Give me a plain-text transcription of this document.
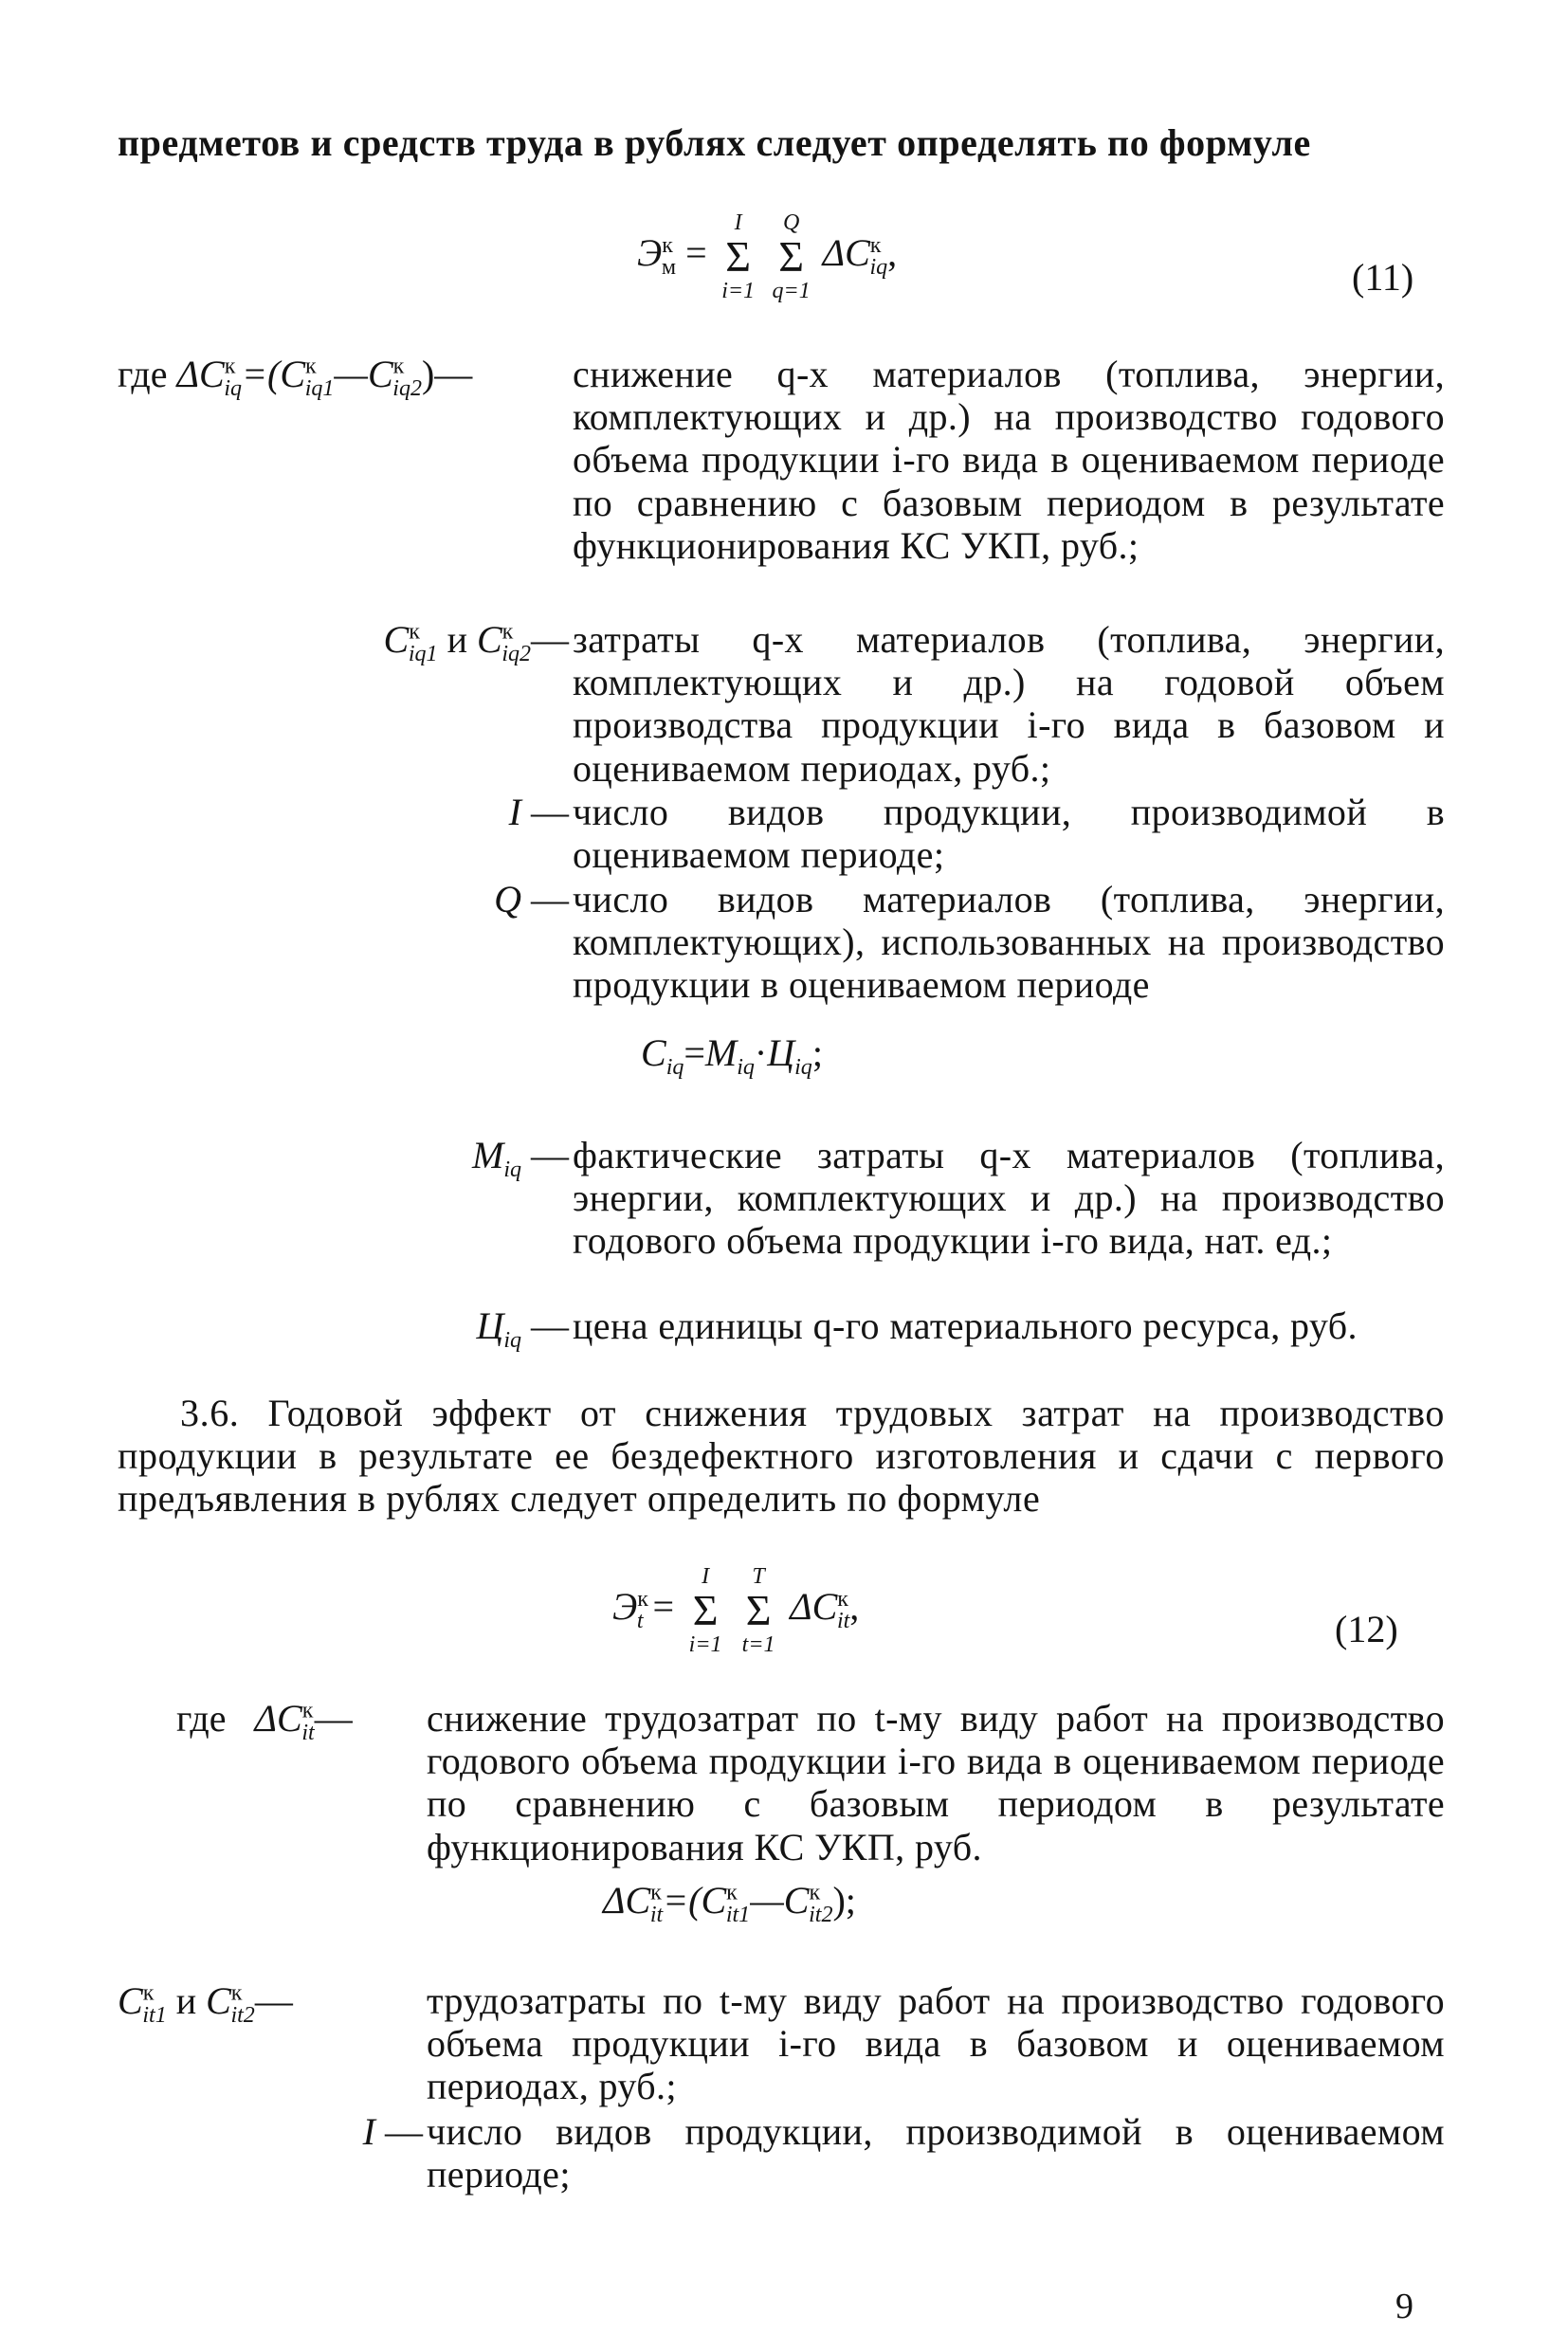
предметов и средств труда в рублях следует определять по формуле
$Э^к_м$ =
I
Σ
i=1

Q
Σ
q=1
$\Delta C^к_{iq}$,
(11)
где $\Delta C^к_{iq}=(C^к_{iq1}—C^к_{iq2})—$	снижение q-х материалов (топлива, энергии, комплектующих и др.) на производство годового объема продукции i-го вида в оцениваемом периоде по сравнению с базовым периодом в результате функционирования КС УКП, руб.;
$C^к_{iq1}$ и $C^к_{iq2}—$ затраты q-х материалов (топлива, энергии, комплектующих и др.) на годовой объем производства продукции i-го вида в базовом и оцениваемом периодах, руб.;
I — число видов продукции, производимой в оцениваемом периоде;
Q — число видов материалов (топлива, энергии, комплектующих), использованных на производство продукции в оцениваемом периоде
$C_{iq}=M_{iq}\cdot Ц_{iq}$;
$M_{iq}$ — фактические затраты q-х материалов (топлива, энергии, комплектующих и др.) на производство годового объема продукции i-го вида, нат. ед.;
$Ц_{iq}$ — цена единицы q-го материального ресурса, руб.
3.6. Годовой эффект от снижения трудовых затрат на производство продукции в результате ее бездефектного изготовления и сдачи с первого предъявления в рублях следует определить по формуле
$Э^к_t$ =
I
Σ
i=1

T
Σ
t=1
$\Delta C^к_{it}$,
(12)
где $\Delta C^к_{it}—$	снижение трудозатрат по t-му виду работ на производство годового объема продукции i-го вида в оцениваемом периоде по сравнению с базовым периодом в результате функционирования КС УКП, руб.
$\Delta C^к_{it}=(C^к_{it1}—C^к_{it2})$;
$C^к_{it1}$ и $C^к_{it2}—$	трудозатраты по t-му виду работ на производство годового объема продукции i-го вида в базовом и оцениваемом периодах, руб.;
I — число видов продукции, производимой в оцениваемом периоде;
9
